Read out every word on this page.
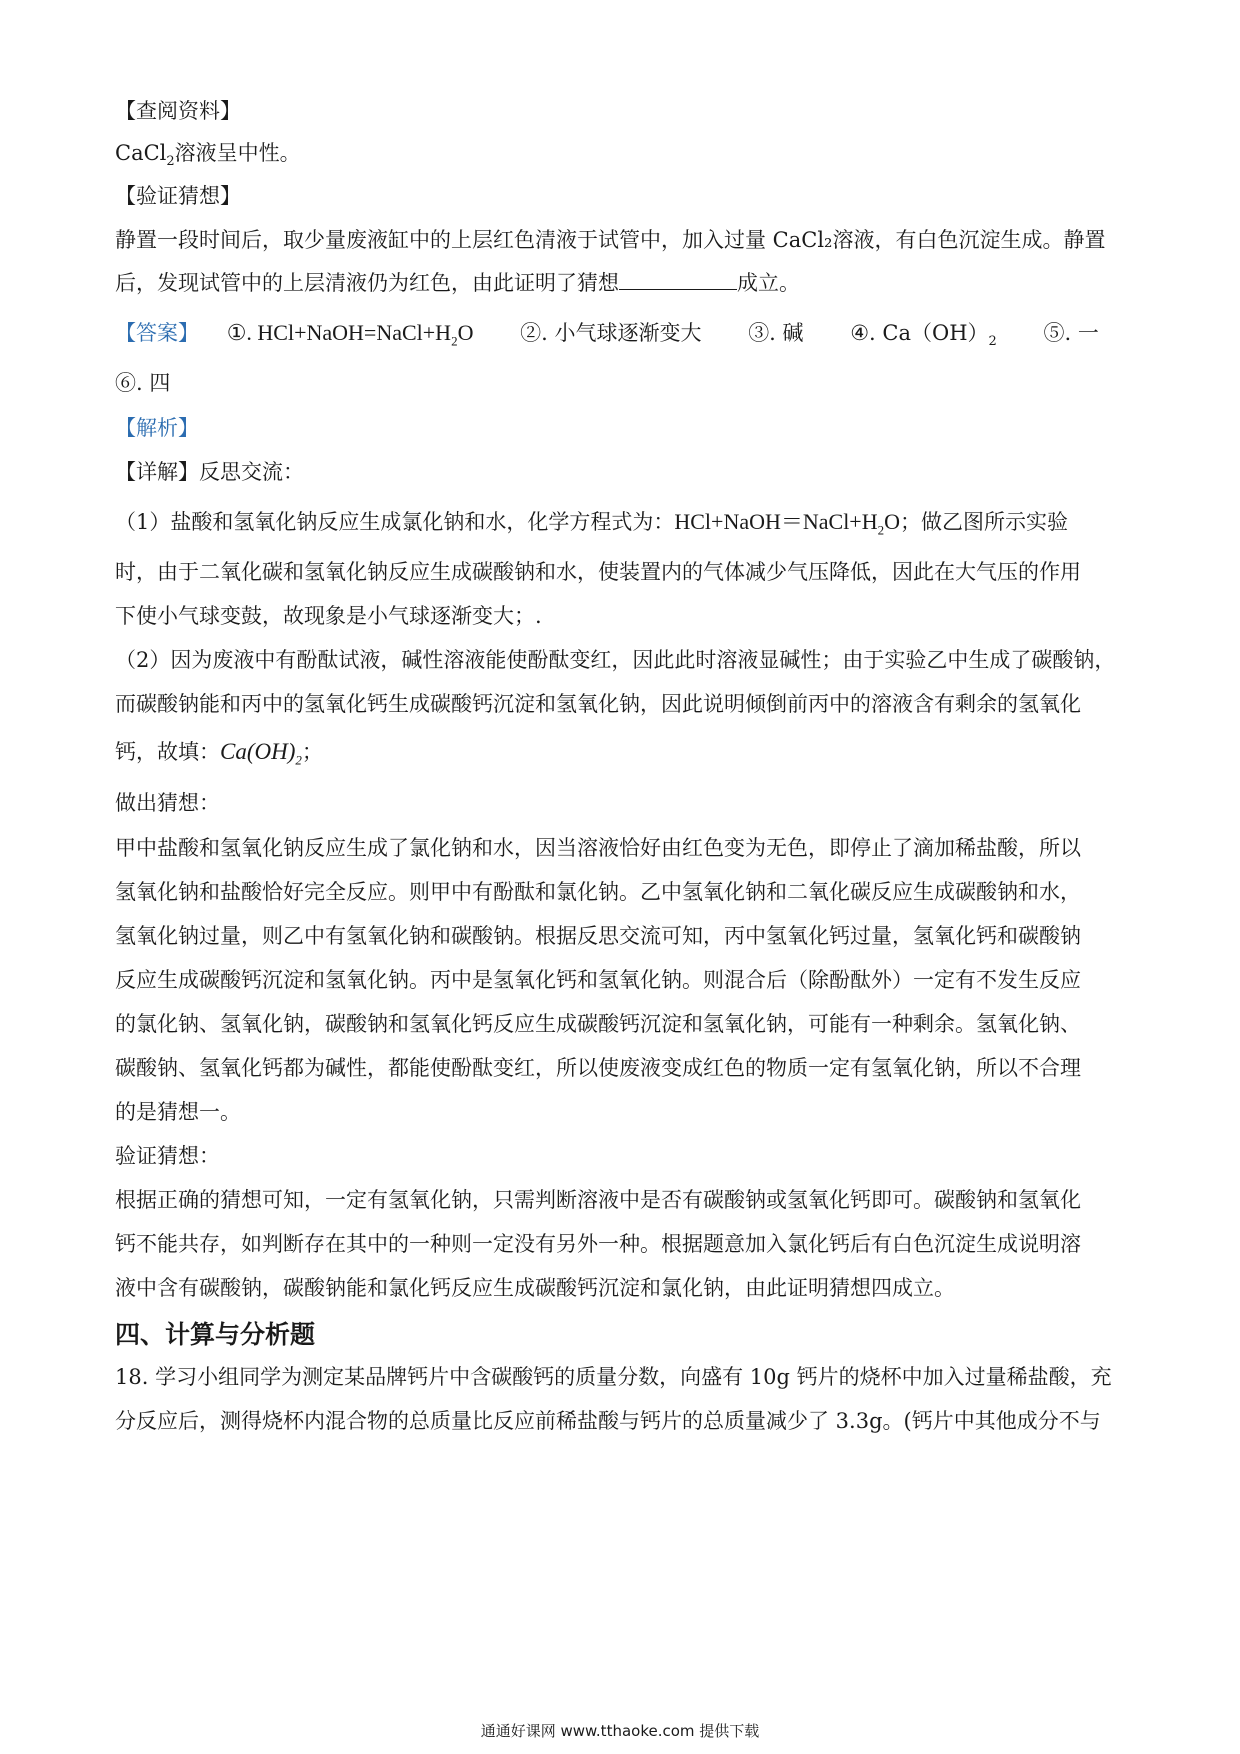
【查阅资料】
CaCl$_2$溶液呈中性。
【验证猜想】
静置一段时间后，取少量废液缸中的上层红色清液于试管中，加入过量 CaCl₂溶液，有白色沉淀生成。静置
后，发现试管中的上层清液仍为红色，由此证明了猜想	成立。
【答案】 ①. $HCl+NaOH=NaCl+H_2O$ ②. 小气球逐渐变大 ③. 碱 ④. $Ca(OH)_2$ ⑤. 一
⑥. 四
【解析】
【详解】反思交流：
（1）盐酸和氢氧化钠反应生成氯化钠和水，化学方程式为：$HCl+NaOH=NaCl+H_2O$；做乙图所示实验
时，由于二氧化碳和氢氧化钠反应生成碳酸钠和水，使装置内的气体减少气压降低，因此在大气压的作用
下使小气球变鼓，故现象是小气球逐渐变大；.
（2）因为废液中有酚酞试液，碱性溶液能使酚酞变红，因此此时溶液显碱性；由于实验乙中生成了碳酸钠，
而碳酸钠能和丙中的氢氧化钙生成碳酸钙沉淀和氢氧化钠，因此说明倾倒前丙中的溶液含有剩余的氢氧化
钙，故填：$Ca(OH)_2$；
做出猜想：
甲中盐酸和氢氧化钠反应生成了氯化钠和水，因当溶液恰好由红色变为无色，即停止了滴加稀盐酸，所以
氢氧化钠和盐酸恰好完全反应。则甲中有酚酞和氯化钠。乙中氢氧化钠和二氧化碳反应生成碳酸钠和水，
氢氧化钠过量，则乙中有氢氧化钠和碳酸钠。根据反思交流可知，丙中氢氧化钙过量，氢氧化钙和碳酸钠
反应生成碳酸钙沉淀和氢氧化钠。丙中是氢氧化钙和氢氧化钠。则混合后（除酚酞外）一定有不发生反应
的氯化钠、氢氧化钠，碳酸钠和氢氧化钙反应生成碳酸钙沉淀和氢氧化钠，可能有一种剩余。氢氧化钠、
碳酸钠、氢氧化钙都为碱性，都能使酚酞变红，所以使废液变成红色的物质一定有氢氧化钠，所以不合理
的是猜想一。
验证猜想：
根据正确的猜想可知，一定有氢氧化钠，只需判断溶液中是否有碳酸钠或氢氧化钙即可。碳酸钠和氢氧化
钙不能共存，如判断存在其中的一种则一定没有另外一种。根据题意加入氯化钙后有白色沉淀生成说明溶
液中含有碳酸钠，碳酸钠能和氯化钙反应生成碳酸钙沉淀和氯化钠，由此证明猜想四成立。
四、计算与分析题
18. 学习小组同学为测定某品牌钙片中含碳酸钙的质量分数，向盛有 10g 钙片的烧杯中加入过量稀盐酸，充
分反应后，测得烧杯内混合物的总质量比反应前稀盐酸与钙片的总质量减少了 3.3g。(钙片中其他成分不与
通通好课网 www.tthaoke.com 提供下载
